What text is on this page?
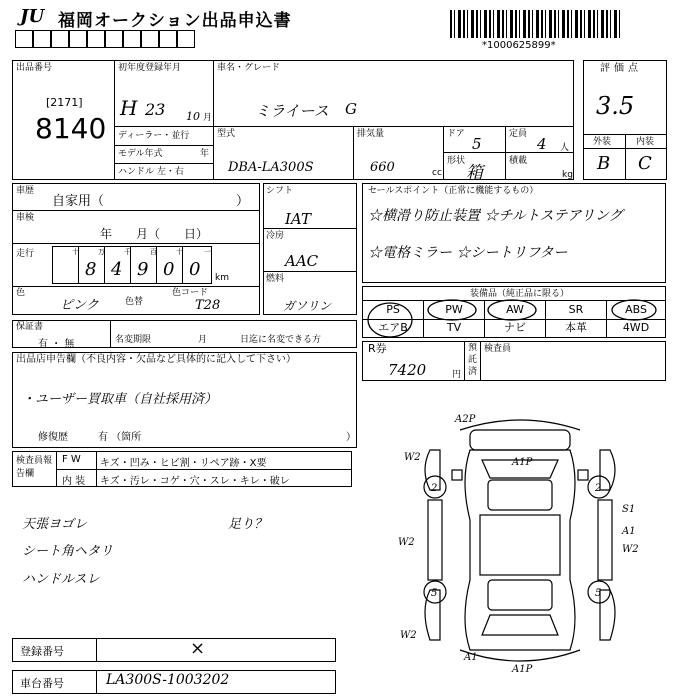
JU 福岡オークション出品申込書
*1000625899*
出品番号
[2171]
8140
初年度登録年月
H 23 10 月
車名・グレード
ミライース G
ディーラー・並行
モデル年式	年
ハンドル 左・右
型式
DBA-LA300S
排気量
660	cc
ドア
5
定員
4 人
形状
箱
積載
kg
評価点
3.5
外装	内装
B C
車歴
自家用（	）
車検
年　　月（　　日）
走行	十	万	千	百	十	一
8 4 9 0 0 km
色
ピンク	色替
色コード
T28
シフト
IAT
冷房
AAC
燃料
ガソリン
セールスポイント（正常に機能するもの）
☆横滑り防止装置 ☆チルトステアリング
☆電格ミラー ☆シートリフター
装備品（純正品に限る）
PS	PW	AW	SR	ABS
エアB	TV	ナビ	本革	4WD
保証書
有 ・ 無	名変期限	月	日迄に名変できる方
R券
7420	円
預託済
検査員
出品店申告欄（不良内容・欠品など具体的に記入して下さい）
・ユーザー買取車（自社採用済）
修復歴	有 （箇所	）
検査員報告欄
F W キズ・凹み・ヒビ割・リペア跡・X要
内 装 キズ・汚レ・コゲ・穴・スレ・キレ・破レ
天張ヨゴレ	足り？
シート角ヘタリ
ハンドルスレ
登録番号	×
車台番号	LA300S-1003202
A2P
W2	A1P
2	2
W2
S1
A1
W2
5	5
W2
A1
A1P
